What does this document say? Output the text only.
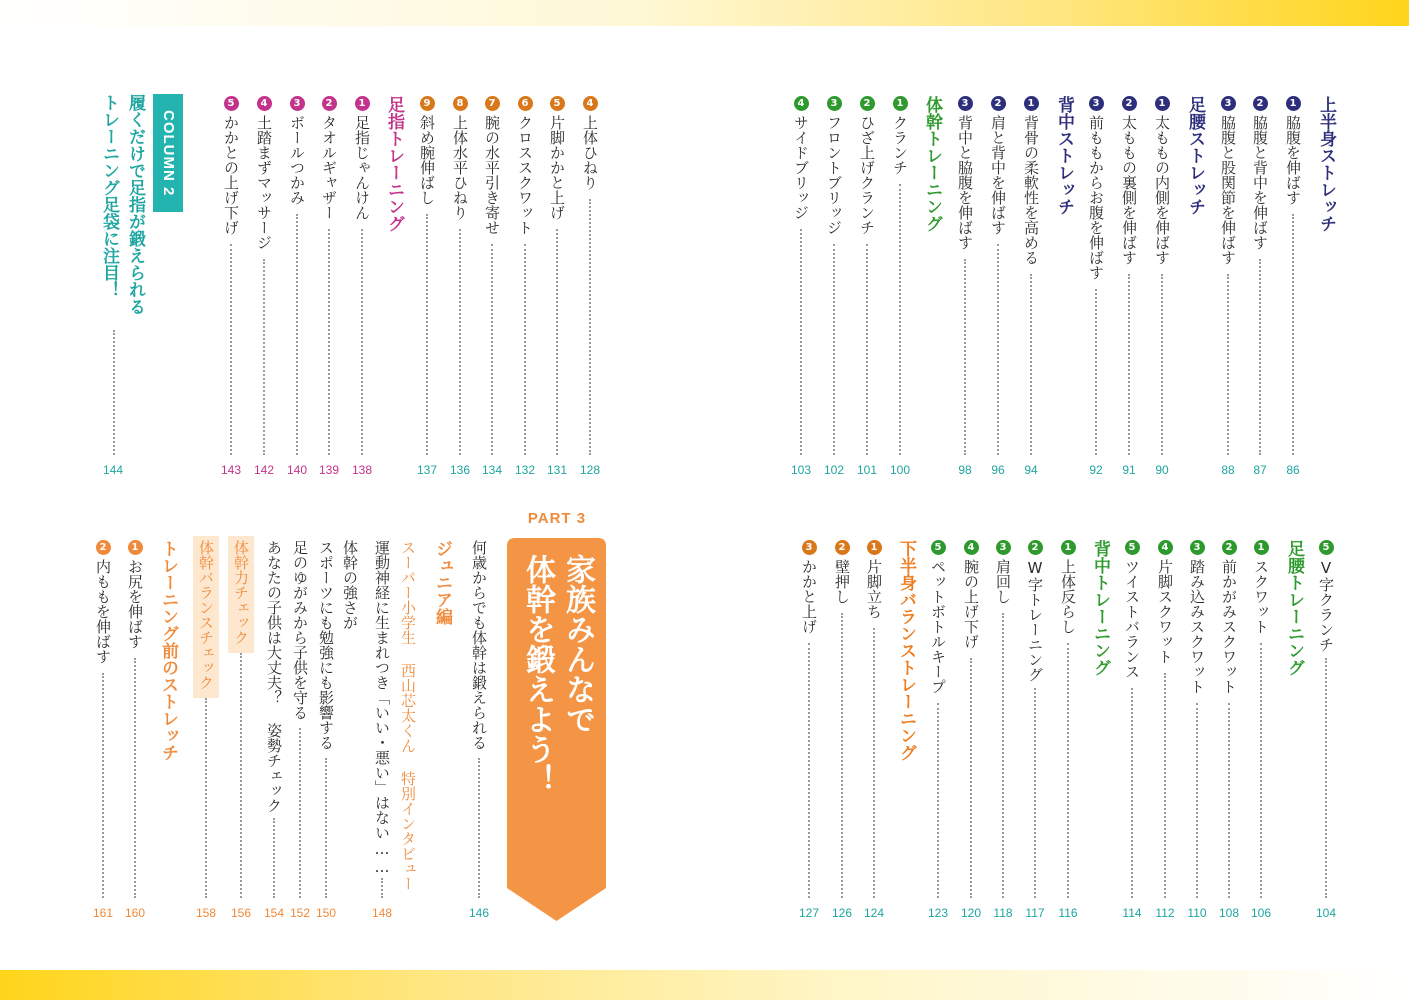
上半身ストレッチ
1脇腹を伸ばす
86
2脇腹と背中を伸ばす
87
3脇腹と股関節を伸ばす
88
足腰ストレッチ
1太ももの内側を伸ばす
90
2太ももの裏側を伸ばす
91
3前ももからお腹を伸ばす
92
背中ストレッチ
1背骨の柔軟性を高める
94
2肩と背中を伸ばす
96
3背中と脇腹を伸ばす
98
体幹トレーニング
1クランチ
100
2ひざ上げクランチ
101
3フロントブリッジ
102
4サイドブリッジ
103
5V字クランチ
104
足腰トレーニング
1スクワット
106
2前かがみスクワット
108
3踏み込みスクワット
110
4片脚スクワット
112
5ツイストバランス
114
背中トレーニング
1上体反らし
116
2W字トレーニング
117
3肩回し
118
4腕の上げ下げ
120
5ペットボトルキープ
123
下半身バランストレーニング
1片脚立ち
124
2壁押し
126
3かかと上げ
127
4上体ひねり
128
5片脚かかと上げ
131
6クロススクワット
132
7腕の水平引き寄せ
134
8上体水平ひねり
136
9斜め腕伸ばし
137
足指トレーニング
1足指じゃんけん
138
2タオルギャザー
139
3ボールつかみ
140
4土踏まずマッサージ
142
5かかとの上げ下げ
143
何歳からでも体幹は鍛えられる
146
ジュニア編
スーパー小学生 西山芯太くん 特別インタビュー
運動神経に生まれつき「いい・悪い」はない……
148
体幹の強さが
スポーツにも勉強にも影響する
150
足のゆがみから子供を守る
152
あなたの子供は大丈夫？ 姿勢チェック
154
体幹力チェック
156
体幹バランスチェック
158
トレーニング前のストレッチ
1お尻を伸ばす
160
2内ももを伸ばす
161
COLUMN 2
履くだけで足指が鍛えられる
トレーニング足袋に注目！
144
PART 3
家族みんなで
体幹を鍛えよう！
